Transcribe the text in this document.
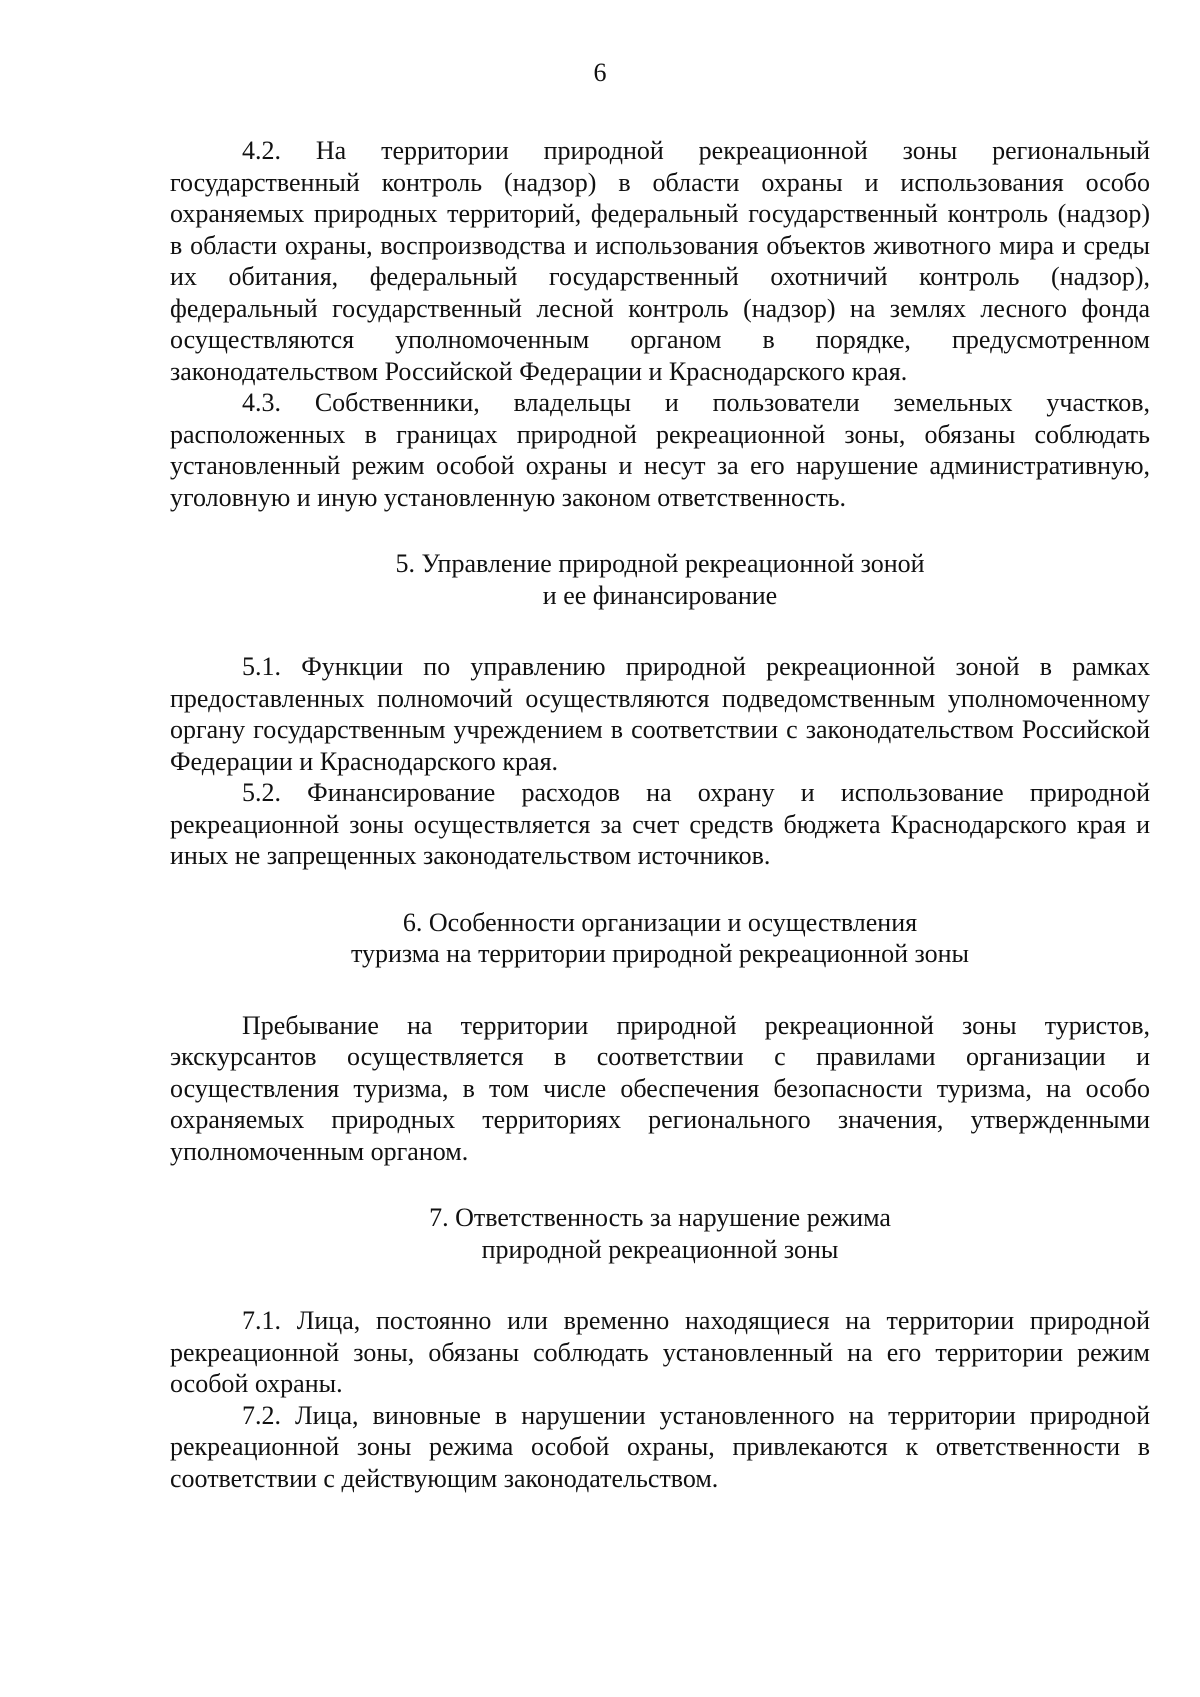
6

4.2. На территории природной рекреационной зоны региональный государственный контроль (надзор) в области охраны и использования особо охраняемых природных территорий, федеральный государственный контроль (надзор) в области охраны, воспроизводства и использования объектов животного мира и среды их обитания, федеральный государственный охотничий контроль (надзор), федеральный государственный лесной контроль (надзор) на землях лесного фонда осуществляются уполномоченным органом в порядке, предусмотренном законодательством Российской Федерации и Краснодарского края.

4.3. Собственники, владельцы и пользователи земельных участков, расположенных в границах природной рекреационной зоны, обязаны соблюдать установленный режим особой охраны и несут за его нарушение административную, уголовную и иную установленную законом ответственность.

5. Управление природной рекреационной зоной
и ее финансирование

5.1. Функции по управлению природной рекреационной зоной в рамках предоставленных полномочий осуществляются подведомственным уполномоченному органу государственным учреждением в соответствии с законодательством Российской Федерации и Краснодарского края.

5.2. Финансирование расходов на охрану и использование природной рекреационной зоны осуществляется за счет средств бюджета Краснодарского края и иных не запрещенных законодательством источников.

6. Особенности организации и осуществления
туризма на территории природной рекреационной зоны

Пребывание на территории природной рекреационной зоны туристов, экскурсантов осуществляется в соответствии с правилами организации и осуществления туризма, в том числе обеспечения безопасности туризма, на особо охраняемых природных территориях регионального значения, утвержденными уполномоченным органом.

7. Ответственность за нарушение режима
природной рекреационной зоны

7.1. Лица, постоянно или временно находящиеся на территории природной рекреационной зоны, обязаны соблюдать установленный на его территории режим особой охраны.

7.2. Лица, виновные в нарушении установленного на территории природной рекреационной зоны режима особой охраны, привлекаются к ответственности в соответствии с действующим законодательством.
